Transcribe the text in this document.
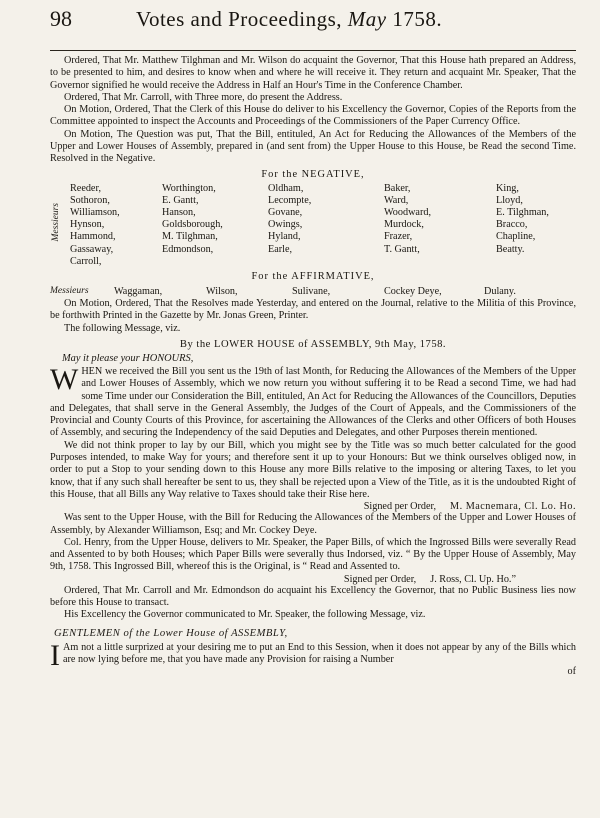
98	Votes and Proceedings, May 1758.

Ordered, That Mr. Matthew Tilghman and Mr. Wilson do acquaint the Governor, That this House hath prepared an Address, to be presented to him, and desires to know when and where he will receive it. They return and acquaint Mr. Speaker, That the Governor signified he would receive the Address in Half an Hour's Time in the Conference Chamber.

Ordered, That Mr. Carroll, with Three more, do present the Address.

On Motion, Ordered, That the Clerk of this House do deliver to his Excellency the Governor, Copies of the Reports from the Committee appointed to inspect the Accounts and Proceedings of the Commissioners of the Paper Currency Office.

On Motion, The Question was put, That the Bill, entituled, An Act for Reducing the Allowances of the Members of the Upper and Lower Houses of Assembly, prepared in (and sent from) the Upper House to this House, be Read the second Time. Resolved in the Negative.

For the NEGATIVE,
Messieurs
Reeder,	Worthington,	Oldham,	Baker,	King,
Sothoron,	E. Gantt,	Lecompte,	Ward,	Lloyd,
Williamson,	Hanson,	Govane,	Woodward,	E. Tilghman,
Hynson,	Goldsborough,	Owings,	Murdock,	Bracco,
Hammond,	M. Tilghman,	Hyland,	Frazer,	Chapline,
Gassaway,	Edmondson,	Earle,	T. Gantt,	Beatty.
Carroll,
For the AFFIRMATIVE,
Messieurs	Waggaman,	Wilson,	Sulivane,	Cockey Deye,	Dulany.

On Motion, Ordered, That the Resolves made Yesterday, and entered on the Journal, relative to the Militia of this Province, be forthwith Printed in the Gazette by Mr. Jonas Green, Printer.

The following Message, viz.

By the LOWER HOUSE of ASSEMBLY, 9th May, 1758.
May it please your HONOURS,

WHEN we received the Bill you sent us the 19th of last Month, for Reducing the Allowances of the Members of the Upper and Lower Houses of Assembly, which we now return you without suffering it to be Read a second Time, we had had some Time under our Consideration the Bill, entituled, An Act for Reducing the Allowances of the Councillors, Deputies and Delegates, that shall serve in the General Assembly, the Judges of the Court of Appeals, and the Commissioners of the Provincial and County Courts of this Province, for ascertaining the Allowances of the Clerks and other Officers of both Houses of Assembly, and securing the Independency of the said Deputies and Delegates, and other Purposes therein mentioned.

We did not think proper to lay by our Bill, which you might see by the Title was so much better calculated for the good Purposes intended, to make Way for yours; and therefore sent it up to your Honours: But we think ourselves obliged now, in order to put a Stop to your sending down to this House any more Bills relative to the imposing or altering Taxes, to let you know, that if any such shall hereafter be sent to us, they shall be rejected upon a View of the Title, as it is the undoubted Right of this House, that all Bills any Way relative to Taxes should take their Rise here.

Signed per Order, M. Macnemara, Cl. Lo. Ho.

Was sent to the Upper House, with the Bill for Reducing the Allowances of the Members of the Upper and Lower Houses of Assembly, by Alexander Williamson, Esq; and Mr. Cockey Deye.

Col. Henry, from the Upper House, delivers to Mr. Speaker, the Paper Bills, of which the Ingrossed Bills were severally Read and Assented to by both Houses; which Paper Bills were severally thus Indorsed, viz. “ By the Upper House of Assembly, May 9th, 1758. This Ingrossed Bill, whereof this is the Original, is “ Read and Assented to.

Signed per Order, J. Ross, Cl. Up. Ho.”

Ordered, That Mr. Carroll and Mr. Edmondson do acquaint his Excellency the Governor, that no Public Business lies now before this House to transact.

His Excellency the Governor communicated to Mr. Speaker, the following Message, viz.

GENTLEMEN of the Lower House of ASSEMBLY,

I Am not a little surprized at your desiring me to put an End to this Session, when it does not appear by any of the Bills which are now lying before me, that you have made any Provision for raising a Number

of
